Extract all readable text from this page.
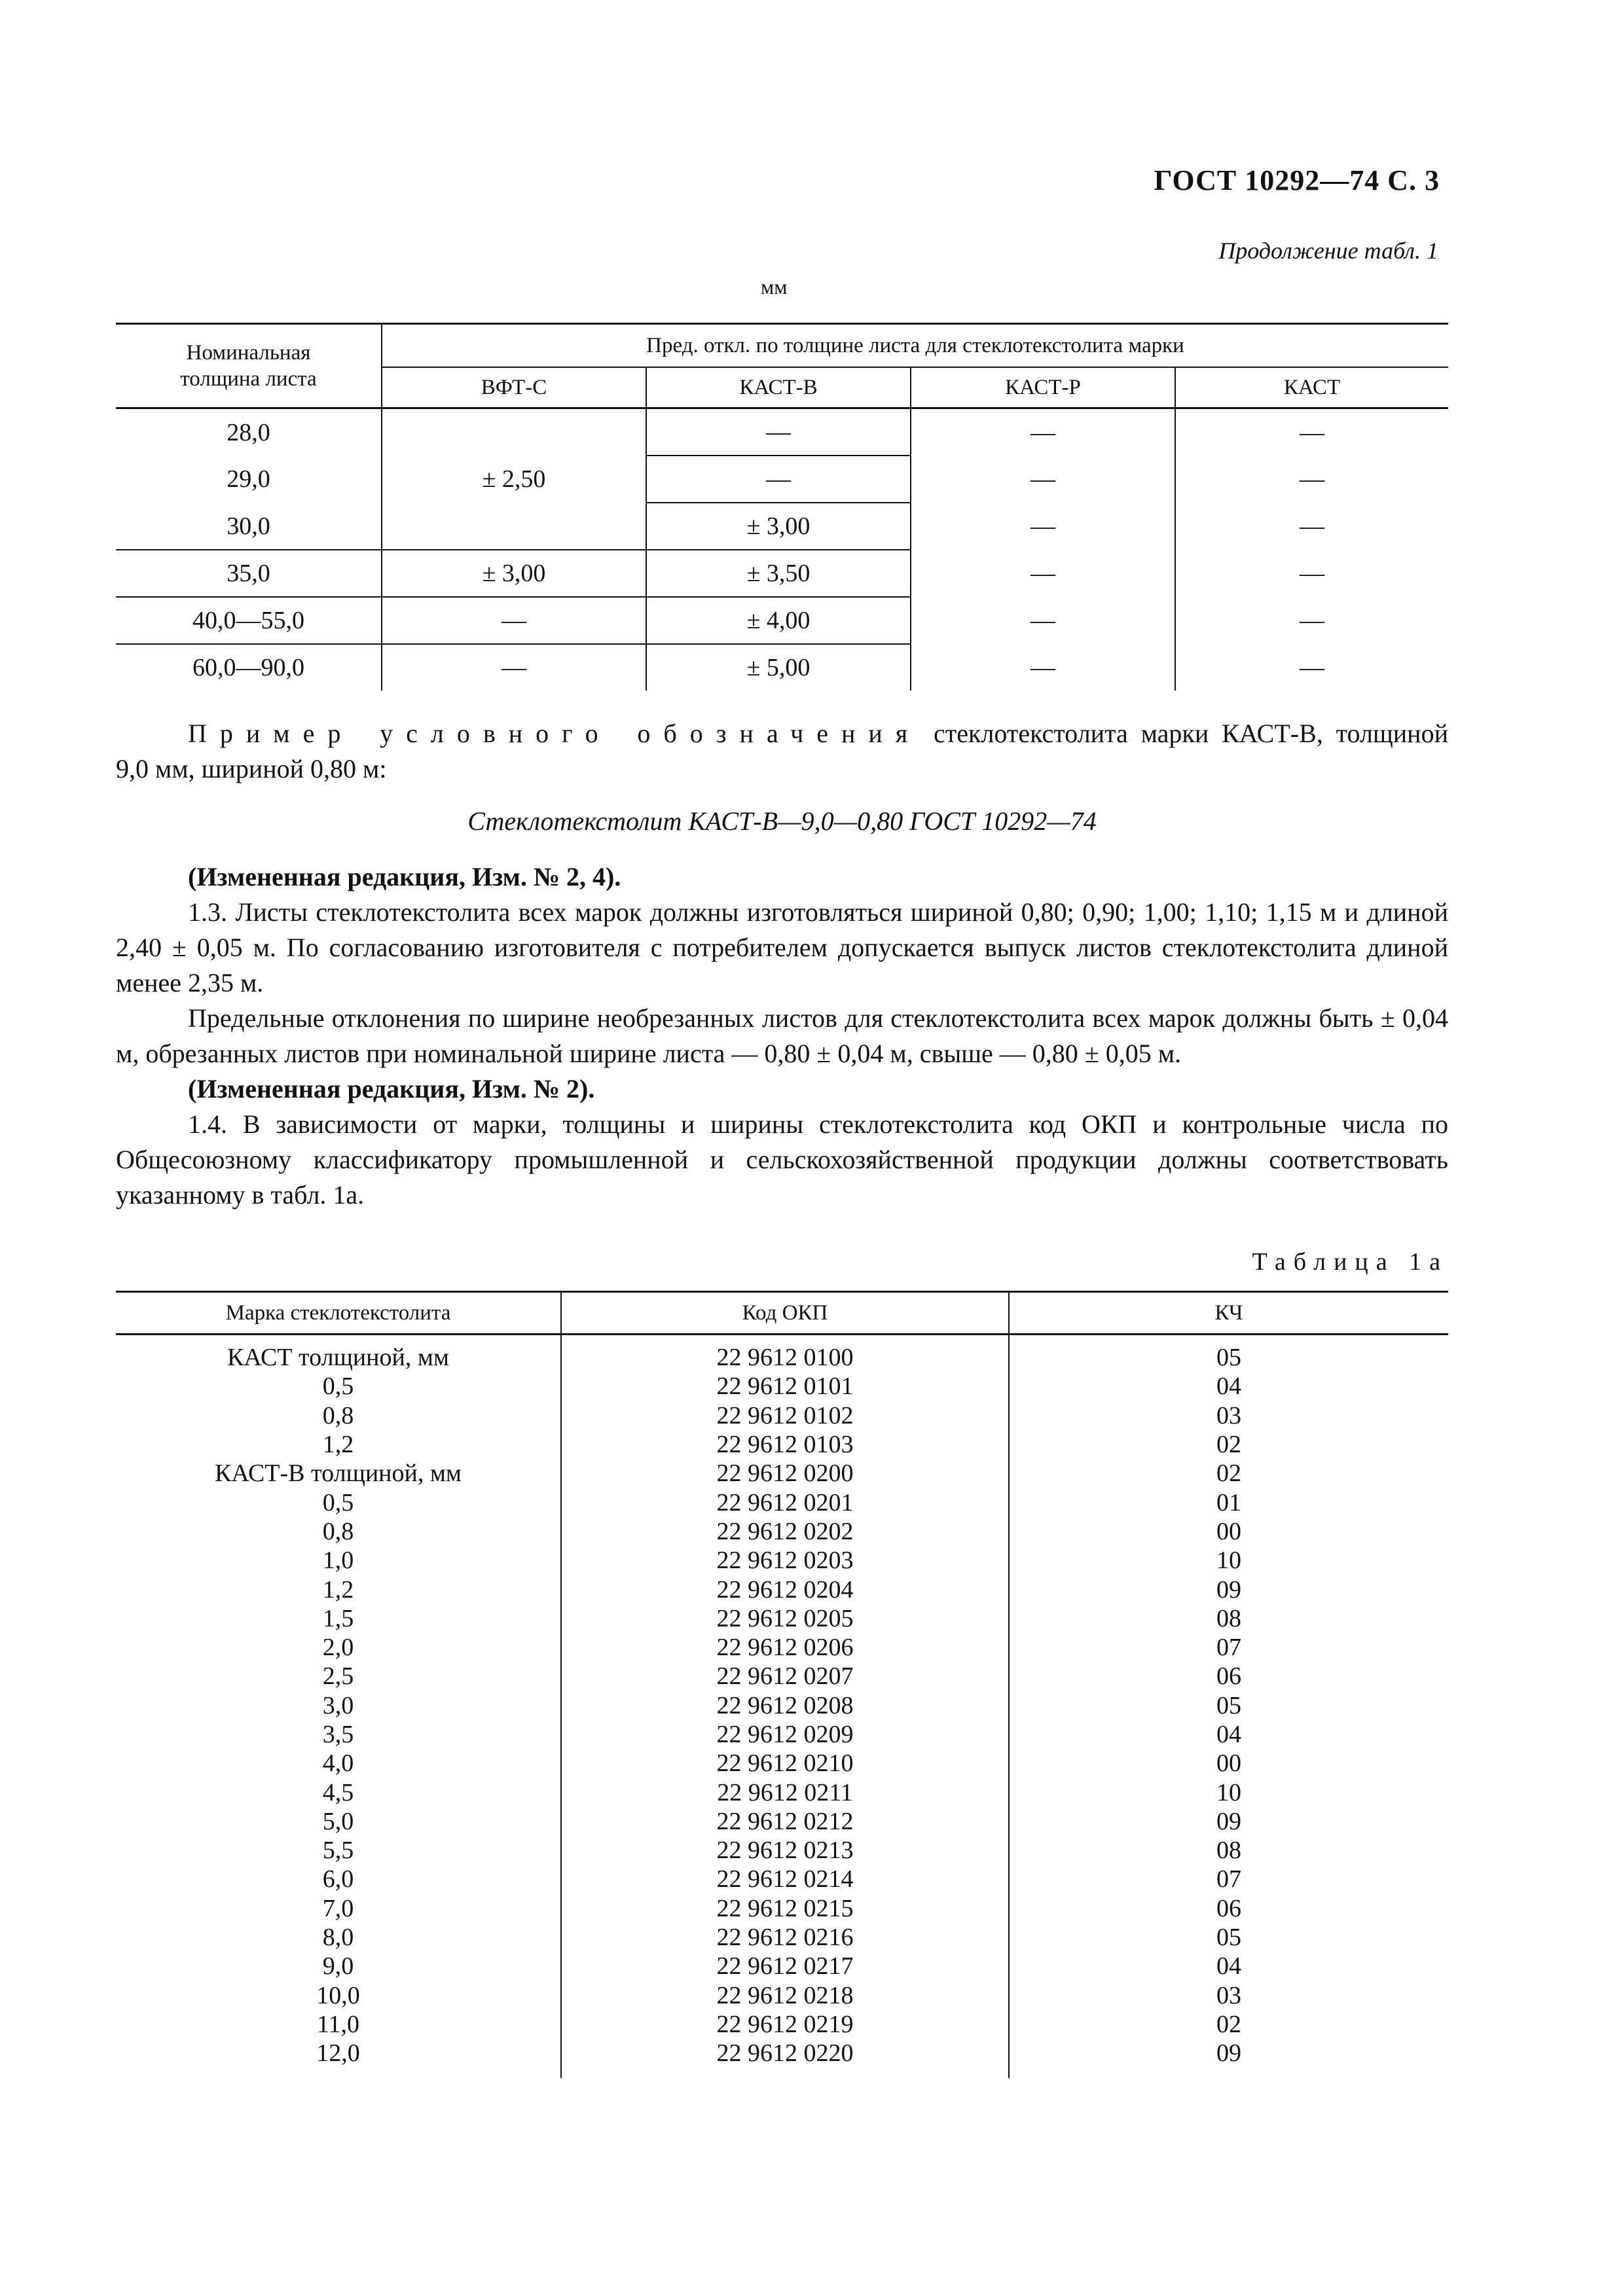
ГОСТ 10292—74 С. 3
Продолжение табл. 1
мм
Номинальная толщина листа	Пред. откл. по толщине листа для стеклотекстолита марки			
	ВФТ-С	КАСТ-В	КАСТ-Р	КАСТ
28,0	± 2,50	—	—	—
29,0		—	—	—
30,0		± 3,00	—	—
35,0	± 3,00	± 3,50	—	—
40,0—55,0	—	± 4,00	—	—
60,0—90,0	—	± 5,00	—	—

Пример условного обозначения стеклотекстолита марки КАСТ-В, толщиной 9,0 мм, шириной 0,80 м:

Стеклотекстолит КАСТ-В—9,0—0,80 ГОСТ 10292—74

(Измененная редакция, Изм. № 2, 4).

1.3. Листы стеклотекстолита всех марок должны изготовляться шириной 0,80; 0,90; 1,00; 1,10; 1,15 м и длиной 2,40 ± 0,05 м. По согласованию изготовителя с потребителем допускается выпуск листов стеклотекстолита длиной менее 2,35 м.

Предельные отклонения по ширине необрезанных листов для стеклотекстолита всех марок должны быть ± 0,04 м, обрезанных листов при номинальной ширине листа — 0,80 ± 0,04 м, свыше — 0,80 ± 0,05 м.

(Измененная редакция, Изм. № 2).

1.4. В зависимости от марки, толщины и ширины стеклотекстолита код ОКП и контрольные числа по Общесоюзному классификатору промышленной и сельскохозяйственной продукции должны соответствовать указанному в табл. 1а.

Таблица 1а
Марка стеклотекстолита	Код ОКП	КЧ
КАСТ толщиной, мм	22 9612 0100	05
0,5	22 9612 0101	04
0,8	22 9612 0102	03
1,2	22 9612 0103	02
КАСТ-В толщиной, мм	22 9612 0200	02
0,5	22 9612 0201	01
0,8	22 9612 0202	00
1,0	22 9612 0203	10
1,2	22 9612 0204	09
1,5	22 9612 0205	08
2,0	22 9612 0206	07
2,5	22 9612 0207	06
3,0	22 9612 0208	05
3,5	22 9612 0209	04
4,0	22 9612 0210	00
4,5	22 9612 0211	10
5,0	22 9612 0212	09
5,5	22 9612 0213	08
6,0	22 9612 0214	07
7,0	22 9612 0215	06
8,0	22 9612 0216	05
9,0	22 9612 0217	04
10,0	22 9612 0218	03
11,0	22 9612 0219	02
12,0	22 9612 0220	09
